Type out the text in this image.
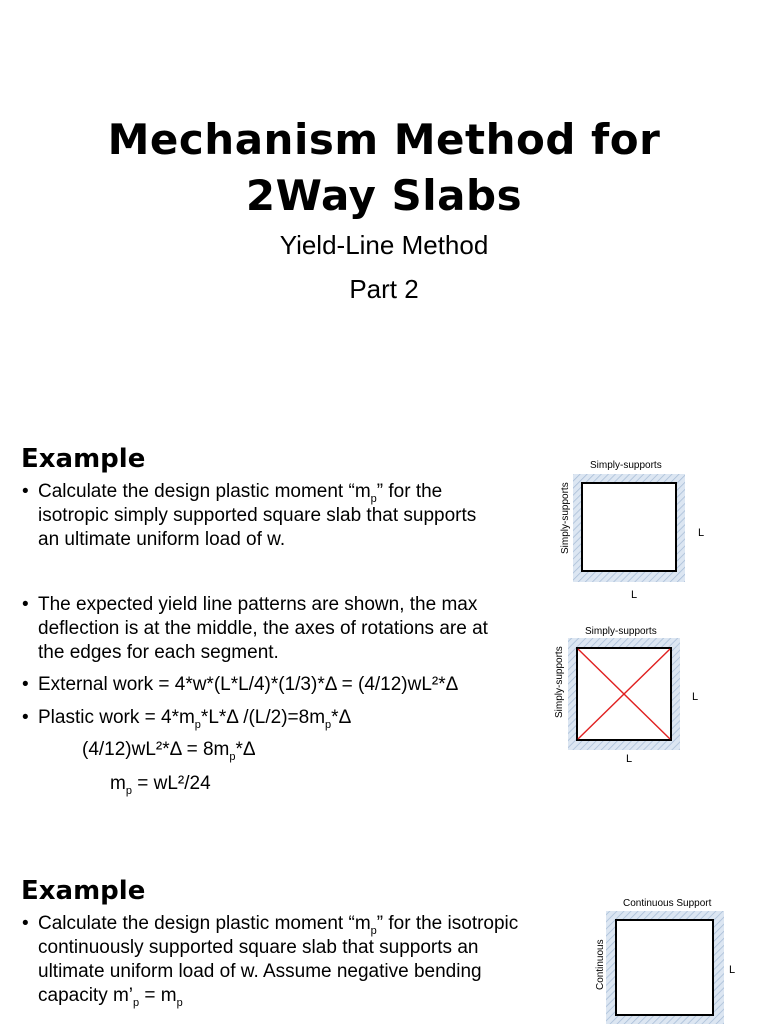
Mechanism Method for
2Way Slabs
Yield-Line Method
Part 2
Example
• Calculate the design plastic moment “$m_p$” for the
isotropic simply supported square slab that supports
an ultimate uniform load of w.
• The expected yield line patterns are shown, the max
deflection is at the middle, the axes of rotations are at
the edges for each segment.
• External work = 4*w*(L*L/4)*(1/3)*Δ = (4/12)wL²*Δ
• Plastic work = $4*m_p*L*\Delta$ $/(L/2)=8m_p*\Delta$
$(4/12)wL^2*\Delta = 8m_p*\Delta$
$m_p = wL^2/24$
Simply-supports
Simply-supports	L
L
Simply-supports
Simply-supports	L
L
Example
• Calculate the design plastic moment “$m_p$” for the isotropic
continuously supported square slab that supports an
ultimate uniform load of w. Assume negative bending
capacity $m’_p = m_p$
Continuous Support
Continuous	L
